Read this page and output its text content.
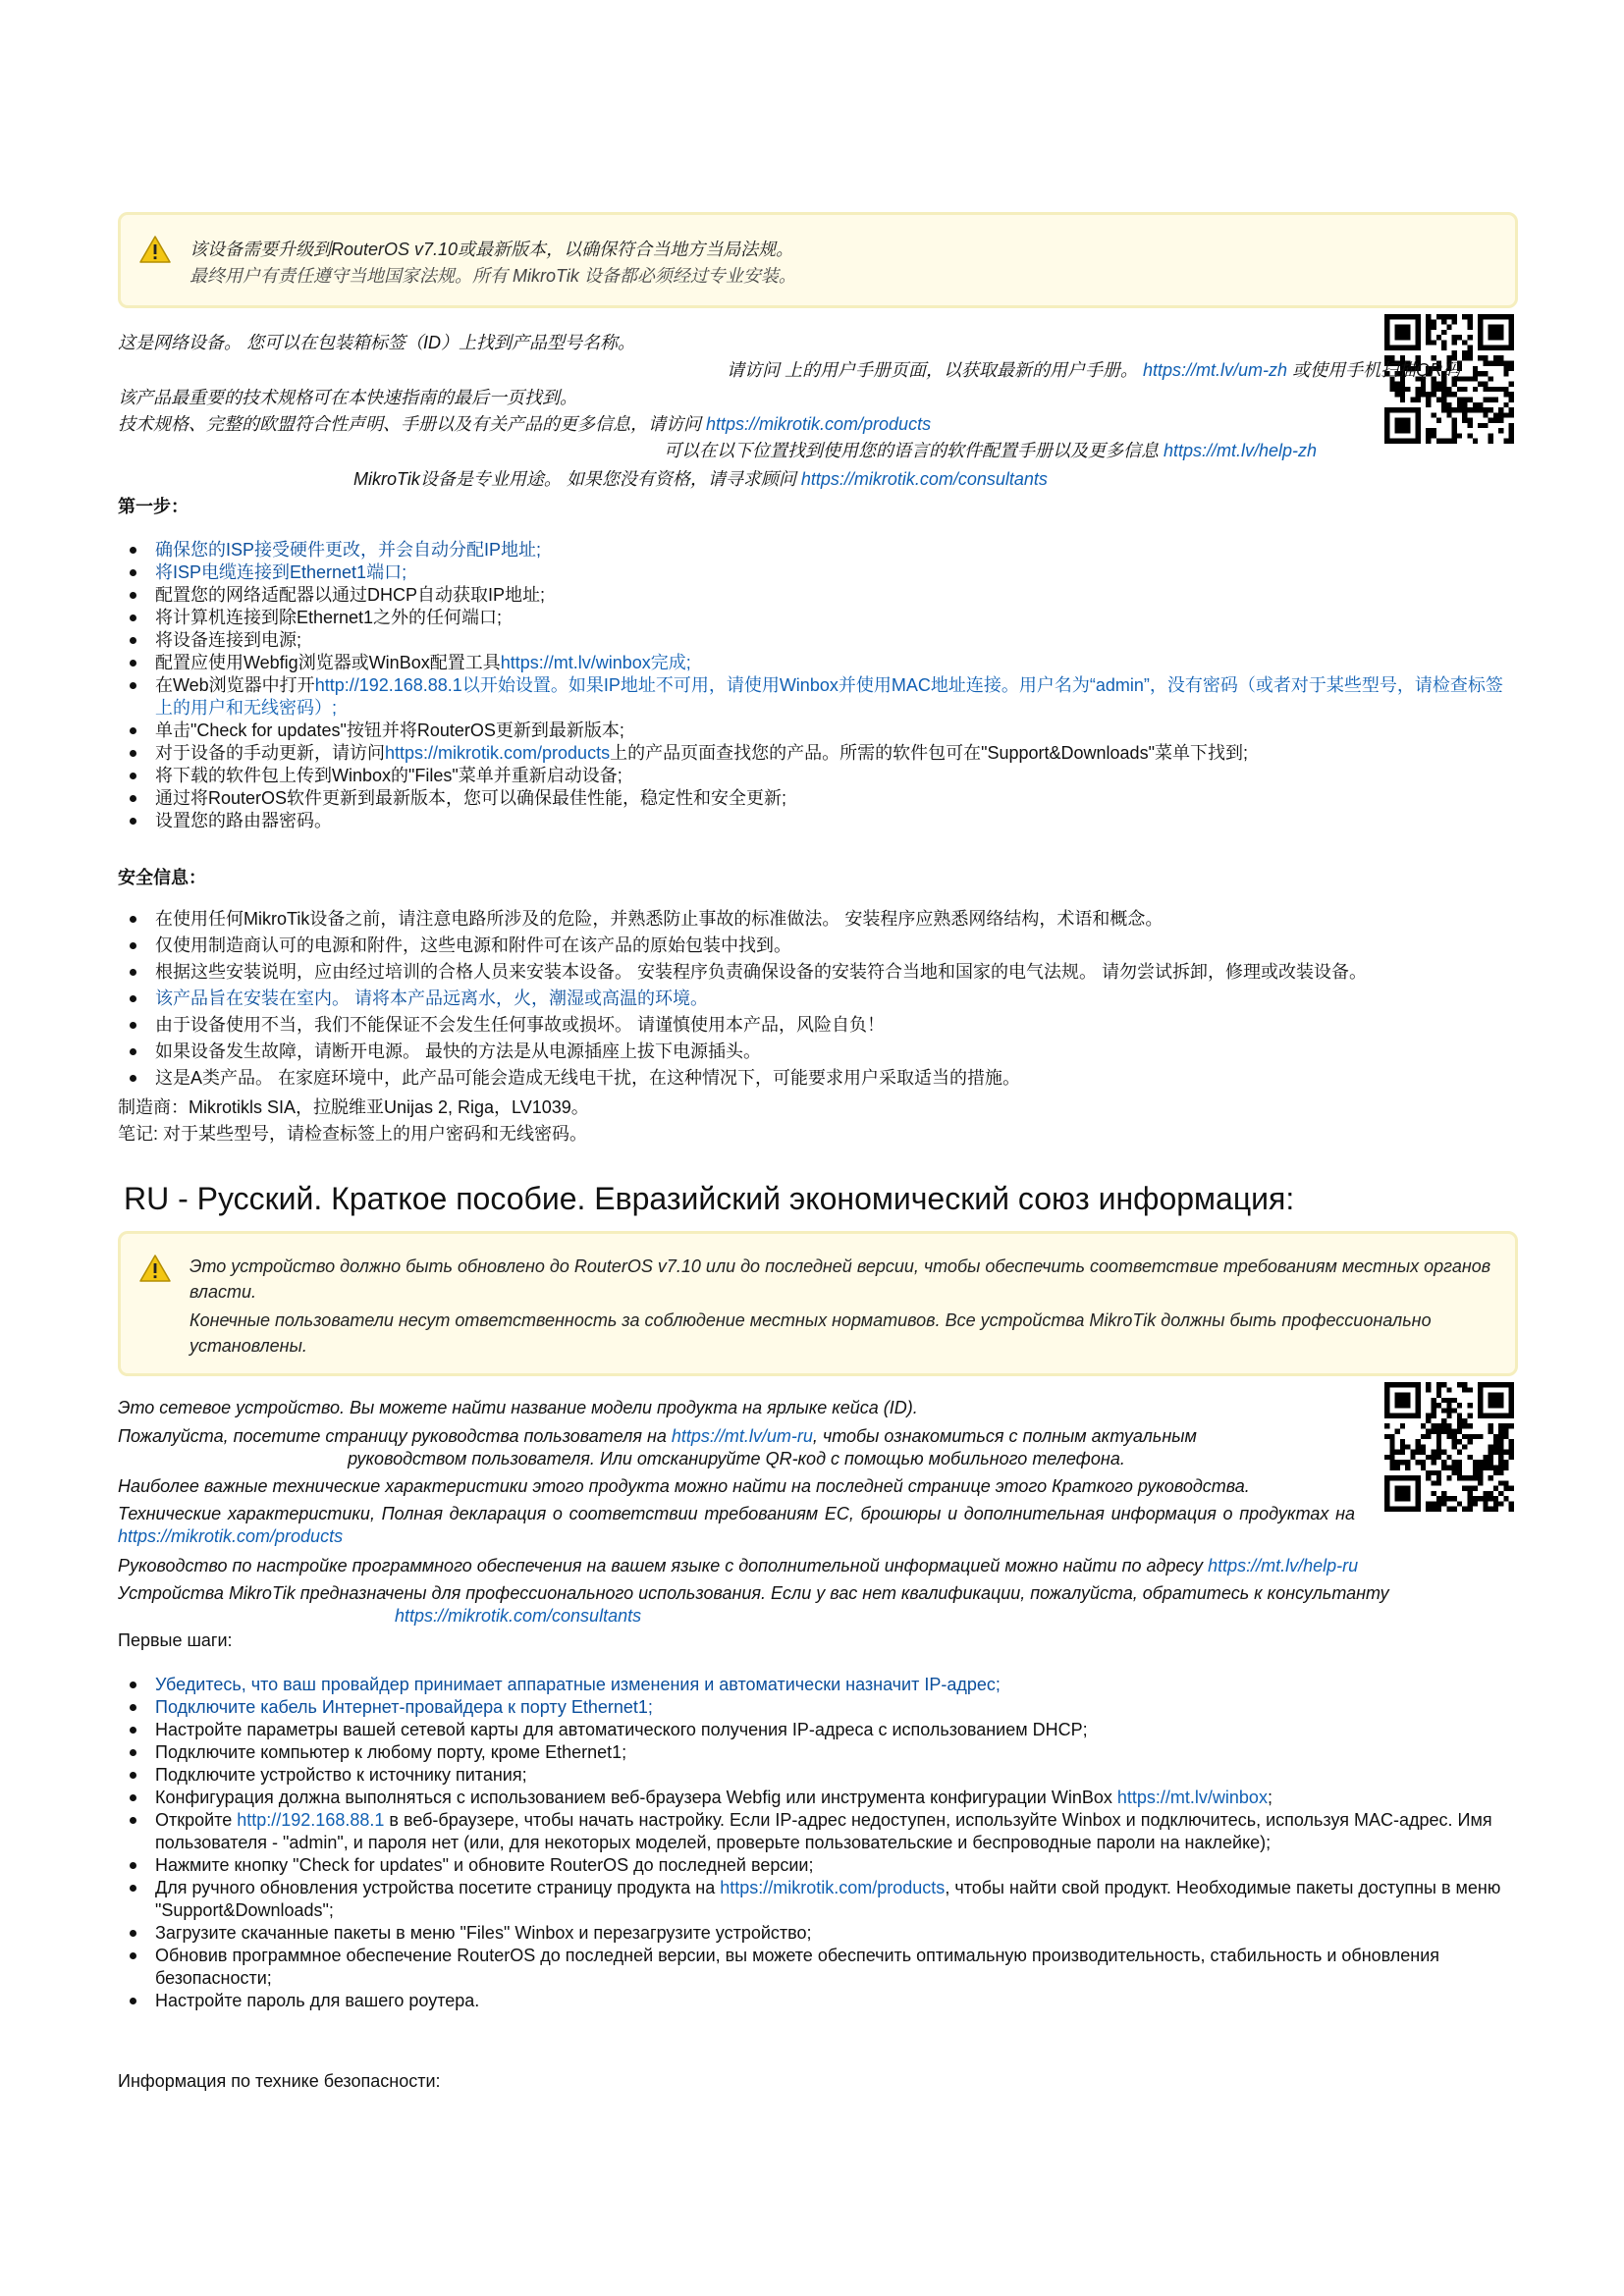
该设备需要升级到RouterOS v7.10或最新版本，以确保符合当地方当局法规。
最终用户有责任遵守当地国家法规。所有 MikroTik 设备都必须经过专业安装。
这是网络设备。 您可以在包装箱标签（ID）上找到产品型号名称。
请访问 上的用户手册页面，以获取最新的用户手册。 https://mt.lv/um-zh 或使用手机扫描QR码
该产品最重要的技术规格可在本快速指南的最后一页找到。
技术规格、完整的欧盟符合性声明、手册以及有关产品的更多信息，请访问 https://mikrotik.com/products
可以在以下位置找到使用您的语言的软件配置手册以及更多信息 https://mt.lv/help-zh
MikroTik设备是专业用途。 如果您没有资格，请寻求顾问 https://mikrotik.com/consultants
第一步：
确保您的ISP接受硬件更改，并会自动分配IP地址;
将ISP电缆连接到Ethernet1端口;
配置您的网络适配器以通过DHCP自动获取IP地址;
将计算机连接到除Ethernet1之外的任何端口;
将设备连接到电源;
配置应使用Webfig浏览器或WinBox配置工具https://mt.lv/winbox完成;
在Web浏览器中打开http://192.168.88.1以开始设置。如果IP地址不可用，请使用Winbox并使用MAC地址连接。用户名为“admin”，没有密码（或者对于某些型号，请检查标签上的用户和无线密码）;
单击"Check for updates"按钮并将RouterOS更新到最新版本;
对于设备的手动更新，请访问https://mikrotik.com/products上的产品页面查找您的产品。所需的软件包可在"Support&Downloads"菜单下找到;
将下载的软件包上传到Winbox的"Files"菜单并重新启动设备;
通过将RouterOS软件更新到最新版本，您可以确保最佳性能，稳定性和安全更新;
设置您的路由器密码。
安全信息：
在使用任何MikroTik设备之前，请注意电路所涉及的危险，并熟悉防止事故的标准做法。 安装程序应熟悉网络结构，术语和概念。
仅使用制造商认可的电源和附件，这些电源和附件可在该产品的原始包装中找到。
根据这些安装说明，应由经过培训的合格人员来安装本设备。 安装程序负责确保设备的安装符合当地和国家的电气法规。 请勿尝试拆卸，修理或改装设备。
该产品旨在安装在室内。 请将本产品远离水，火，潮湿或高温的环境。
由于设备使用不当，我们不能保证不会发生任何事故或损坏。 请谨慎使用本产品，风险自负！
如果设备发生故障，请断开电源。 最快的方法是从电源插座上拔下电源插头。
这是A类产品。 在家庭环境中，此产品可能会造成无线电干扰，在这种情况下，可能要求用户采取适当的措施。
制造商：Mikrotikls SIA，拉脱维亚Unijas 2, Riga，LV1039。
笔记: 对于某些型号，请检查标签上的用户密码和无线密码。
RU - Русский. Краткое пособие. Евразийский экономический союз информация:
Это устройство должно быть обновлено до RouterOS v7.10 или до последней версии, чтобы обеспечить соответствие требованиям местных органов власти.
Конечные пользователи несут ответственность за соблюдение местных нормативов. Все устройства MikroTik должны быть профессионально установлены.
Это сетевое устройство. Вы можете найти название модели продукта на ярлыке кейса (ID).
Пожалуйста, посетите страницу руководства пользователя на https://mt.lv/um-ru, чтобы ознакомиться с полным актуальным
руководством пользователя. Или отсканируйте QR-код с помощью мобильного телефона.
Наиболее важные технические характеристики этого продукта можно найти на последней странице этого Краткого руководства.
Технические характеристики, Полная декларация о соответствии требованиям ЕС, брошюры и дополнительная информация о продуктах на https://mikrotik.com/products
Руководство по настройке программного обеспечения на вашем языке с дополнительной информацией можно найти по адресу https://mt.lv/help-ru
Устройства MikroTik предназначены для профессионального использования. Если у вас нет квалификации, пожалуйста, обратитесь к консультанту
https://mikrotik.com/consultants
Первые шаги:
Убедитесь, что ваш провайдер принимает аппаратные изменения и автоматически назначит IP-адрес;
Подключите кабель Интернет-провайдера к порту Ethernet1;
Настройте параметры вашей сетевой карты для автоматического получения IP-адреса с использованием DHCP;
Подключите компьютер к любому порту, кроме Ethernet1;
Подключите устройство к источнику питания;
Конфигурация должна выполняться с использованием веб-браузера Webfig или инструмента конфигурации WinBox https://mt.lv/winbox;
Откройте http://192.168.88.1 в веб-браузере, чтобы начать настройку. Если IP-адрес недоступен, используйте Winbox и подключитесь, используя MAC-адрес. Имя пользователя - "admin", и пароля нет (или, для некоторых моделей, проверьте пользовательские и беспроводные пароли на наклейке);
Нажмите кнопку "Check for updates" и обновите RouterOS до последней версии;
Для ручного обновления устройства посетите страницу продукта на https://mikrotik.com/products, чтобы найти свой продукт. Необходимые пакеты доступны в меню "Support&Downloads";
Загрузите скачанные пакеты в меню "Files" Winbox и перезагрузите устройство;
Обновив программное обеспечение RouterOS до последней версии, вы можете обеспечить оптимальную производительность, стабильность и обновления безопасности;
Настройте пароль для вашего роутера.
Информация по технике безопасности:
